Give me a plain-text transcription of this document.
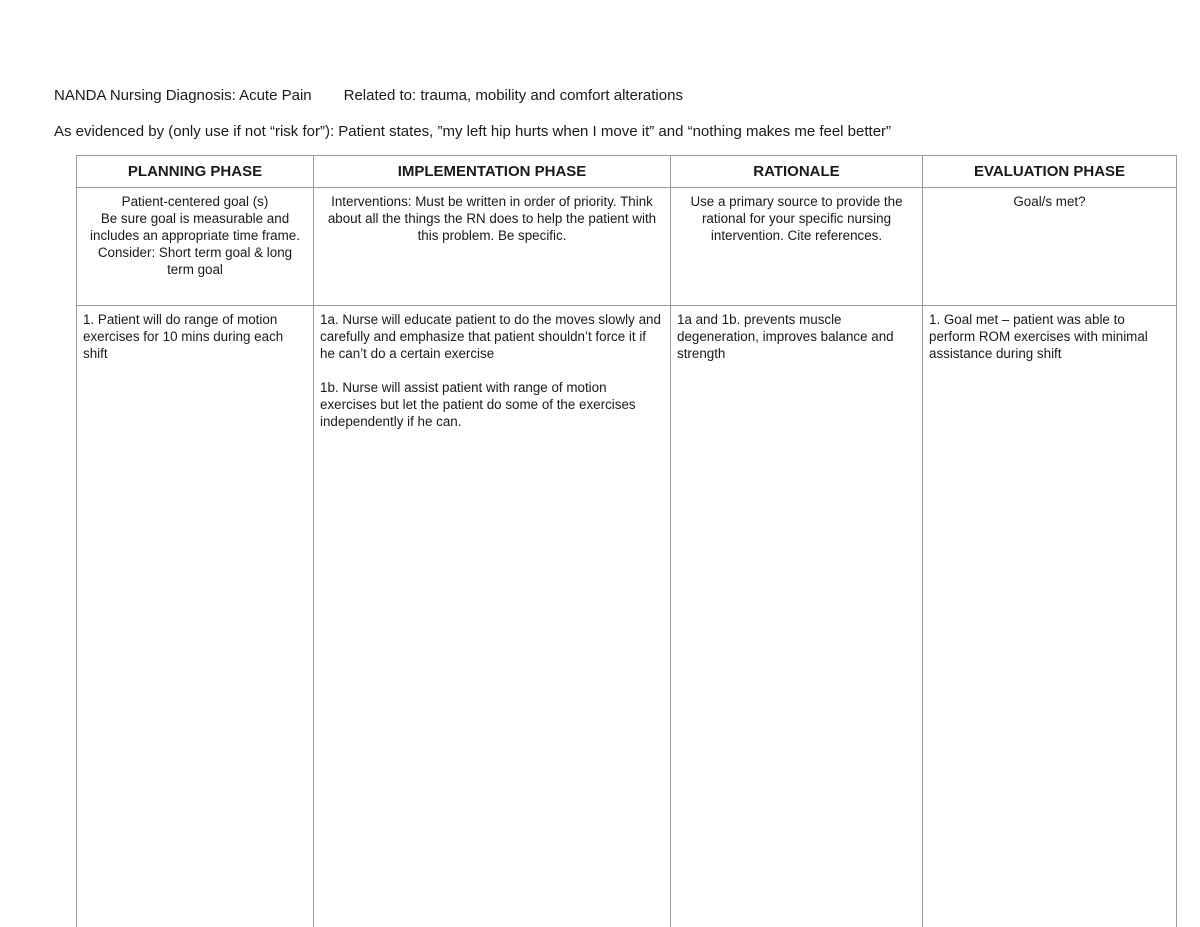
NANDA Nursing Diagnosis: Acute Pain Related to: trauma, mobility and comfort alterations
As evidenced by (only use if not “risk for”): Patient states, ”my left hip hurts when I move it” and “nothing makes me feel better”
PLANNING PHASE	IMPLEMENTATION PHASE	RATIONALE	EVALUATION PHASE

Patient-centered goal (s)
Be sure goal is measurable and includes an appropriate time frame.
Consider: Short term goal & long term goal	Interventions: Must be written in order of priority. Think about all the things the RN does to help the patient with this problem. Be specific.	Use a primary source to provide the rational for your specific nursing intervention. Cite references.	Goal/s met?

1. Patient will do range of motion exercises for 10 mins during each shift	1a. Nurse will educate patient to do the moves slowly and carefully and emphasize that patient shouldn’t force it if he can’t do a certain exercise
1b. Nurse will assist patient with range of motion exercises but let the patient do some of the exercises independently if he can.	1a and 1b. prevents muscle degeneration, improves balance and strength	1. Goal met – patient was able to perform ROM exercises with minimal assistance during shift
